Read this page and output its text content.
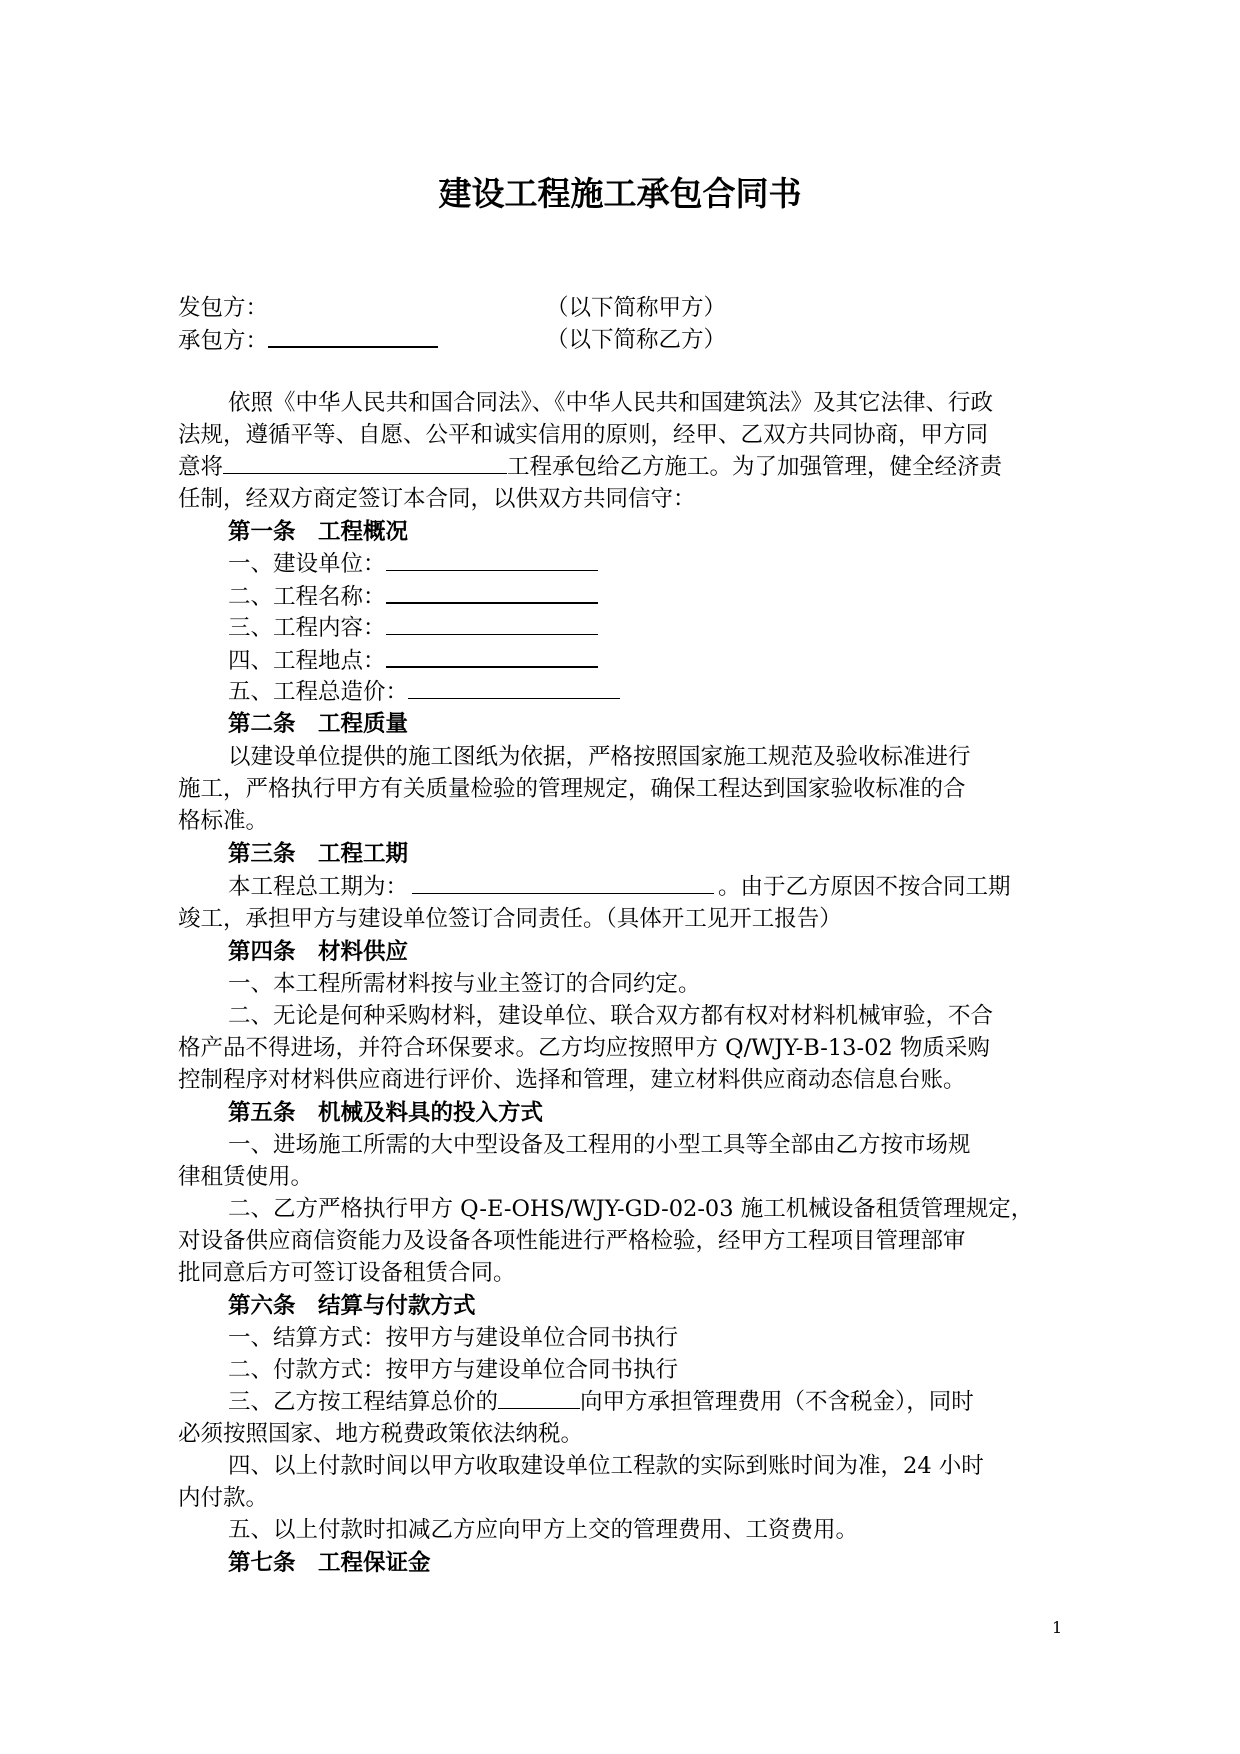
建设工程施工承包合同书
发包方：	（以下简称甲方）
承包方：	（以下简称乙方）
依照《中华人民共和国合同法》、《中华人民共和国建筑法》及其它法律、行政
法规，遵循平等、自愿、公平和诚实信用的原则，经甲、乙双方共同协商，甲方同
意将	工程承包给乙方施工。为了加强管理，健全经济责
任制，经双方商定签订本合同，以供双方共同信守：
第一条　工程概况
一、建设单位：
二、工程名称：
三、工程内容：
四、工程地点：
五、工程总造价：
第二条　工程质量
以建设单位提供的施工图纸为依据，严格按照国家施工规范及验收标准进行
施工，严格执行甲方有关质量检验的管理规定，确保工程达到国家验收标准的合
格标准。
第三条　工程工期
本工程总工期为：	。由于乙方原因不按合同工期
竣工，承担甲方与建设单位签订合同责任。（具体开工见开工报告）
第四条　材料供应
一、本工程所需材料按与业主签订的合同约定。
二、无论是何种采购材料，建设单位、联合双方都有权对材料机械审验，不合
格产品不得进场，并符合环保要求。乙方均应按照甲方 Q/WJY-B-13-02 物质采购
控制程序对材料供应商进行评价、选择和管理，建立材料供应商动态信息台账。
第五条　机械及料具的投入方式
一、进场施工所需的大中型设备及工程用的小型工具等全部由乙方按市场规
律租赁使用。
二、乙方严格执行甲方 Q-E-OHS/WJY-GD-02-03 施工机械设备租赁管理规定，
对设备供应商信资能力及设备各项性能进行严格检验，经甲方工程项目管理部审
批同意后方可签订设备租赁合同。
第六条　结算与付款方式
一、结算方式：按甲方与建设单位合同书执行
二、付款方式：按甲方与建设单位合同书执行
三、乙方按工程结算总价的	向甲方承担管理费用（不含税金），同时
必须按照国家、地方税费政策依法纳税。
四、以上付款时间以甲方收取建设单位工程款的实际到账时间为准，24 小时
内付款。
五、以上付款时扣减乙方应向甲方上交的管理费用、工资费用。
第七条　工程保证金
1
